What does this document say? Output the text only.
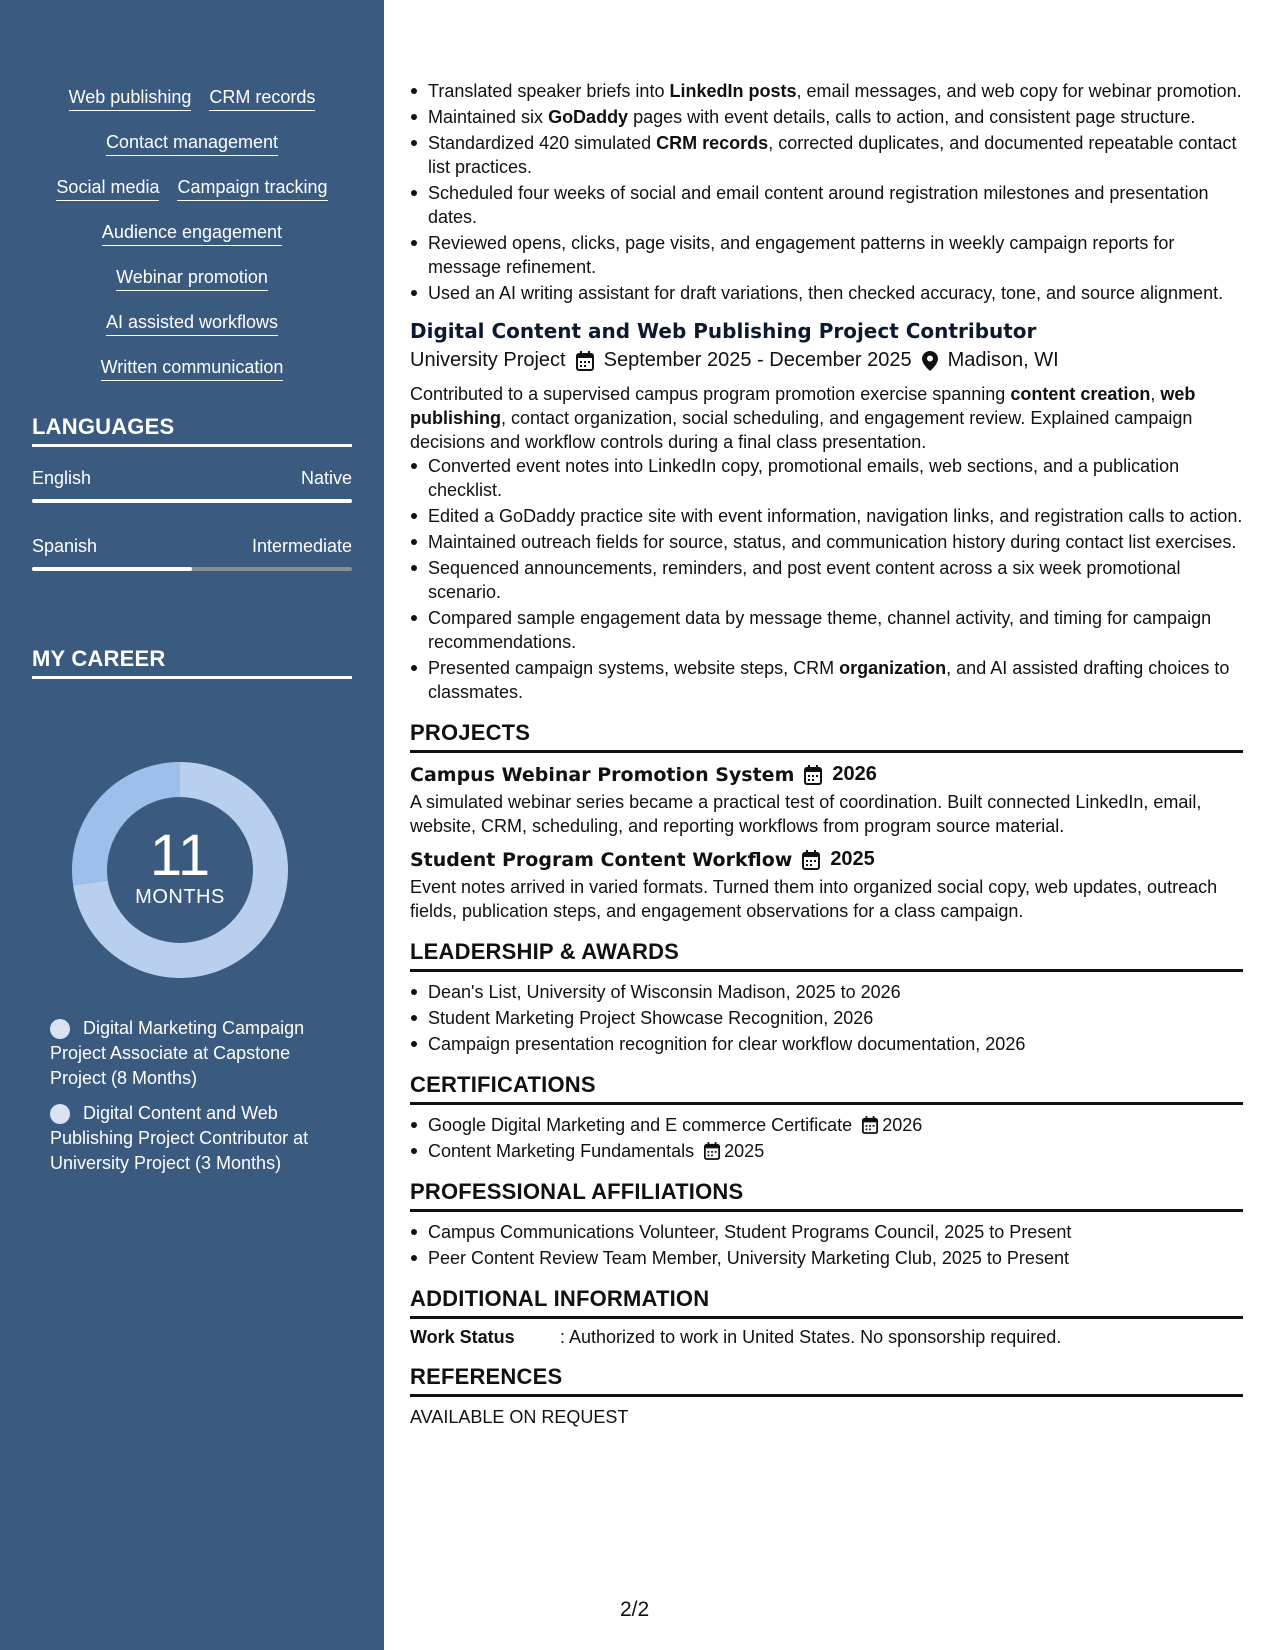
Web publishing CRM records
Contact management
Social media Campaign tracking
Audience engagement
Webinar promotion
AI assisted workflows
Written communication
LANGUAGES
English	Native
Spanish	Intermediate
MY CAREER
11
MONTHS
Digital Marketing Campaign Project Associate at Capstone Project (8 Months)
Digital Content and Web Publishing Project Contributor at University Project (3 Months)
Translated speaker briefs into LinkedIn posts, email messages, and web copy for webinar promotion.
Maintained six GoDaddy pages with event details, calls to action, and consistent page structure.
Standardized 420 simulated CRM records, corrected duplicates, and documented repeatable contact list practices.
Scheduled four weeks of social and email content around registration milestones and presentation dates.
Reviewed opens, clicks, page visits, and engagement patterns in weekly campaign reports for message refinement.
Used an AI writing assistant for draft variations, then checked accuracy, tone, and source alignment.
Digital Content and Web Publishing Project Contributor
University Project September 2025 - December 2025 Madison, WI
Contributed to a supervised campus program promotion exercise spanning content creation, web publishing, contact organization, social scheduling, and engagement review. Explained campaign decisions and workflow controls during a final class presentation.
Converted event notes into LinkedIn copy, promotional emails, web sections, and a publication checklist.
Edited a GoDaddy practice site with event information, navigation links, and registration calls to action.
Maintained outreach fields for source, status, and communication history during contact list exercises.
Sequenced announcements, reminders, and post event content across a six week promotional scenario.
Compared sample engagement data by message theme, channel activity, and timing for campaign recommendations.
Presented campaign systems, website steps, CRM organization, and AI assisted drafting choices to classmates.
PROJECTS
Campus Webinar Promotion System 2026
A simulated webinar series became a practical test of coordination. Built connected LinkedIn, email, website, CRM, scheduling, and reporting workflows from program source material.
Student Program Content Workflow 2025
Event notes arrived in varied formats. Turned them into organized social copy, web updates, outreach fields, publication steps, and engagement observations for a class campaign.
LEADERSHIP & AWARDS
Dean's List, University of Wisconsin Madison, 2025 to 2026
Student Marketing Project Showcase Recognition, 2026
Campaign presentation recognition for clear workflow documentation, 2026
CERTIFICATIONS
Google Digital Marketing and E commerce Certificate 2026
Content Marketing Fundamentals 2025
PROFESSIONAL AFFILIATIONS
Campus Communications Volunteer, Student Programs Council, 2025 to Present
Peer Content Review Team Member, University Marketing Club, 2025 to Present
ADDITIONAL INFORMATION
Work Status	: Authorized to work in United States. No sponsorship required.
REFERENCES
AVAILABLE ON REQUEST
2/2
